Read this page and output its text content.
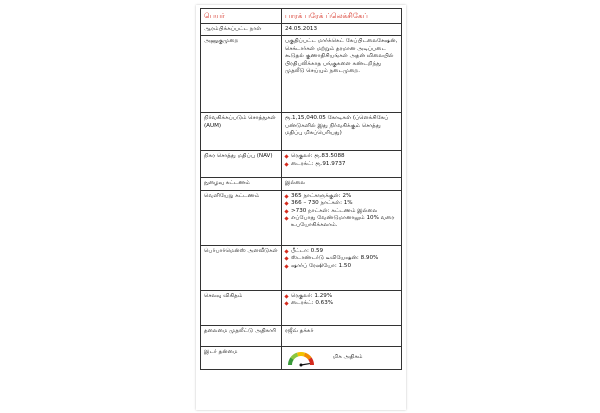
பெயர்	பாரக் பரேக் ப்லெக்சிகேப்
ஆரம்பிக்கப்பட்ட நாள்	24.05.2013
அணுகுமுறை	பகுதிப்பட்ட மார்க்கெட் கேப்பிடலைசேஷன், செக்டார்கள் மற்றும் தரமான அடிப்படை கூடுதல் குணாதிசியங்கள் அதன் விலையில் பிரதிபலிக்காத பங்குகளை கண்டறிந்து முதலீடு செய்யும் நடைமுறை.
நிர்வகிக்கப்படும் சொத்துகள் (AUM)	ரூ.1,15,040.05 கோடிகள் (ப்ளெக்சிகேப் பண்டுகளில் இது நிர்வகிக்கும் சொத்து மதிப்பு மிகப்பெரியது)
நிகர சொத்து மதிப்பு (NAV)	ரெகுலர்: ரூ.83.5088
டைரக்ட்: ரூ.91.9737

நுழைவு கட்டணம்	இல்லை
வெளியேறு கட்டணம்	365 நாட்களுக்குள்: 2%
366 – 730 நாட்கள்: 1%
>730 நாட்கள்: கட்டணம் இல்லை
எப்போது வேண்டுமானாலும் 10% வரை உபயோகிக்கலாம்.

பெர்பார்மென்ஸ் அளவீடுகள்	பீட்டா: 0.59
ஸ்டாண்டர்டு டீவியேஷன்: 8.90%
ஷார்ப் ரேஷியோ: 1.50

செலவு விகிதம்	ரெகுலர்: 1.29%
டைரக்ட்: 0.63%

தலைமை முதலீட்டு அதிகாரி	ரஜீவ் தக்கர்
இடர் தன்மை	மிக அதிகம்
